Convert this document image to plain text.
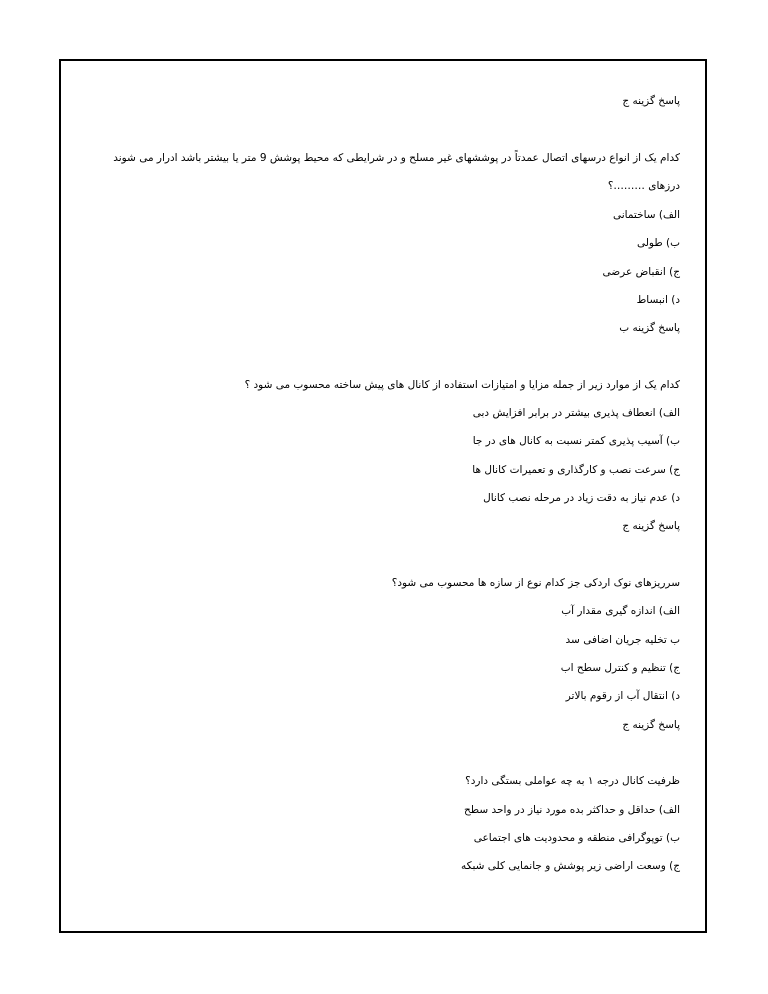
پاسخ گزینه ج
کدام یک از انواع درسهای اتصال عمدتاً در پوششهای غیر مسلح و در شرایطی که محیط پوشش 9 متر یا بیشتر باشد ادرار می شوند درزهای ………؟
الف) ساختمانی
ب) طولی
ج) انقباض عرضی
د) انبساط
پاسخ گزینه ب
کدام یک از موارد زیر از جمله مزایا و امتیازات استفاده از کانال های پیش ساخته محسوب می شود ؟
الف) انعطاف پذیری بیشتر در برابر افزایش دبی
ب) آسیب پذیری کمتر نسبت به کانال های در جا
ج) سرعت نصب و کارگذاری و تعمیرات کانال ها
د) عدم نیاز به دقت زیاد در مرحله نصب کانال
پاسخ گزینه ج
سرریزهای نوک اردکی جز کدام نوع از سازه ها محسوب می شود؟
الف) اندازه گیری مقدار آب
ب تخلیه جریان اضافی سد
ج) تنظیم و کنترل سطح اب
د) انتقال آب از رقوم بالاتر
پاسخ گزینه ج
ظرفیت کانال درجه ۱ به چه عواملی بستگی دارد؟
الف) حداقل و حداکثر بده مورد نیاز در واحد سطح
ب) توپوگرافی منطقه و محدودیت های اجتماعی
ج) وسعت اراضی زیر پوشش و جانمایی کلی شبکه
